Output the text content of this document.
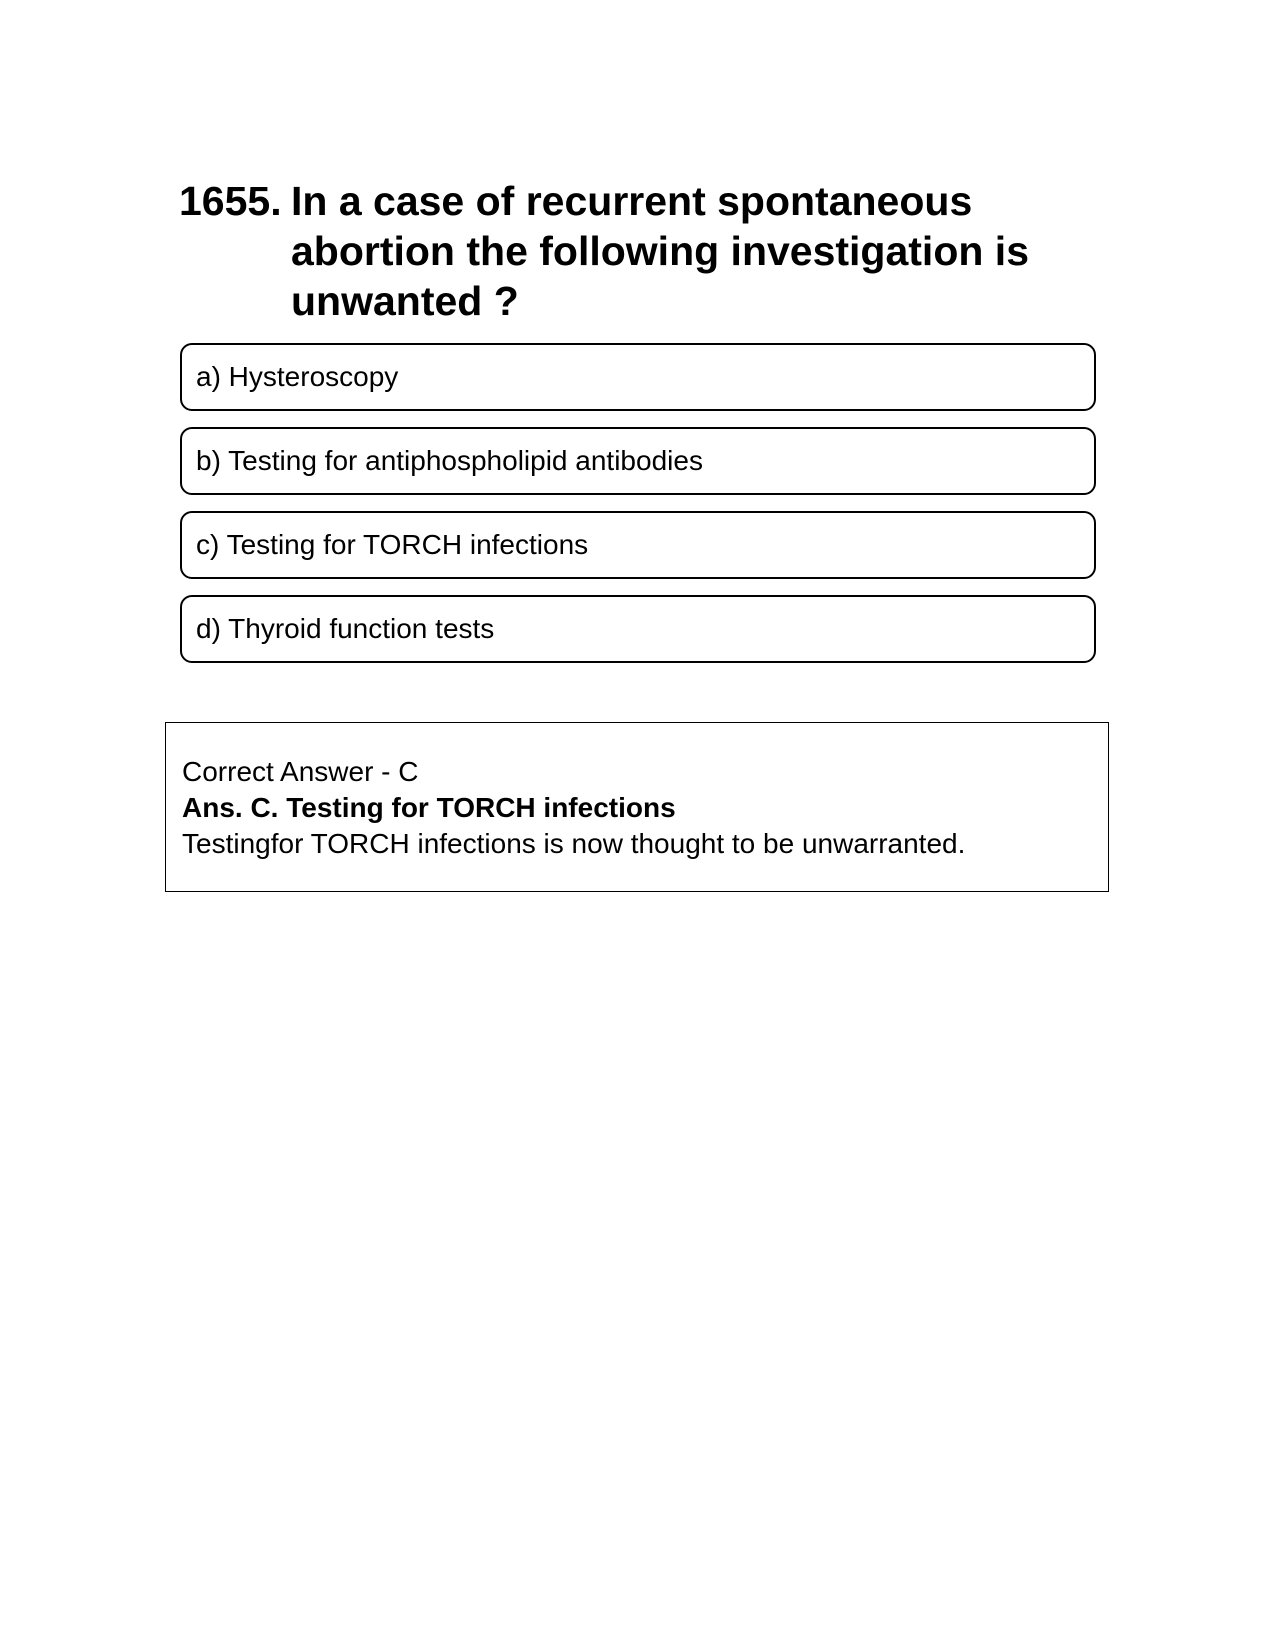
1655. In a case of recurrent spontaneous abortion the following investigation is unwanted ?
a) Hysteroscopy
b) Testing for antiphospholipid antibodies
c) Testing for TORCH infections
d) Thyroid function tests
Correct Answer - C
Ans. C. Testing for TORCH infections
Testingfor TORCH infections is now thought to be unwarranted.
